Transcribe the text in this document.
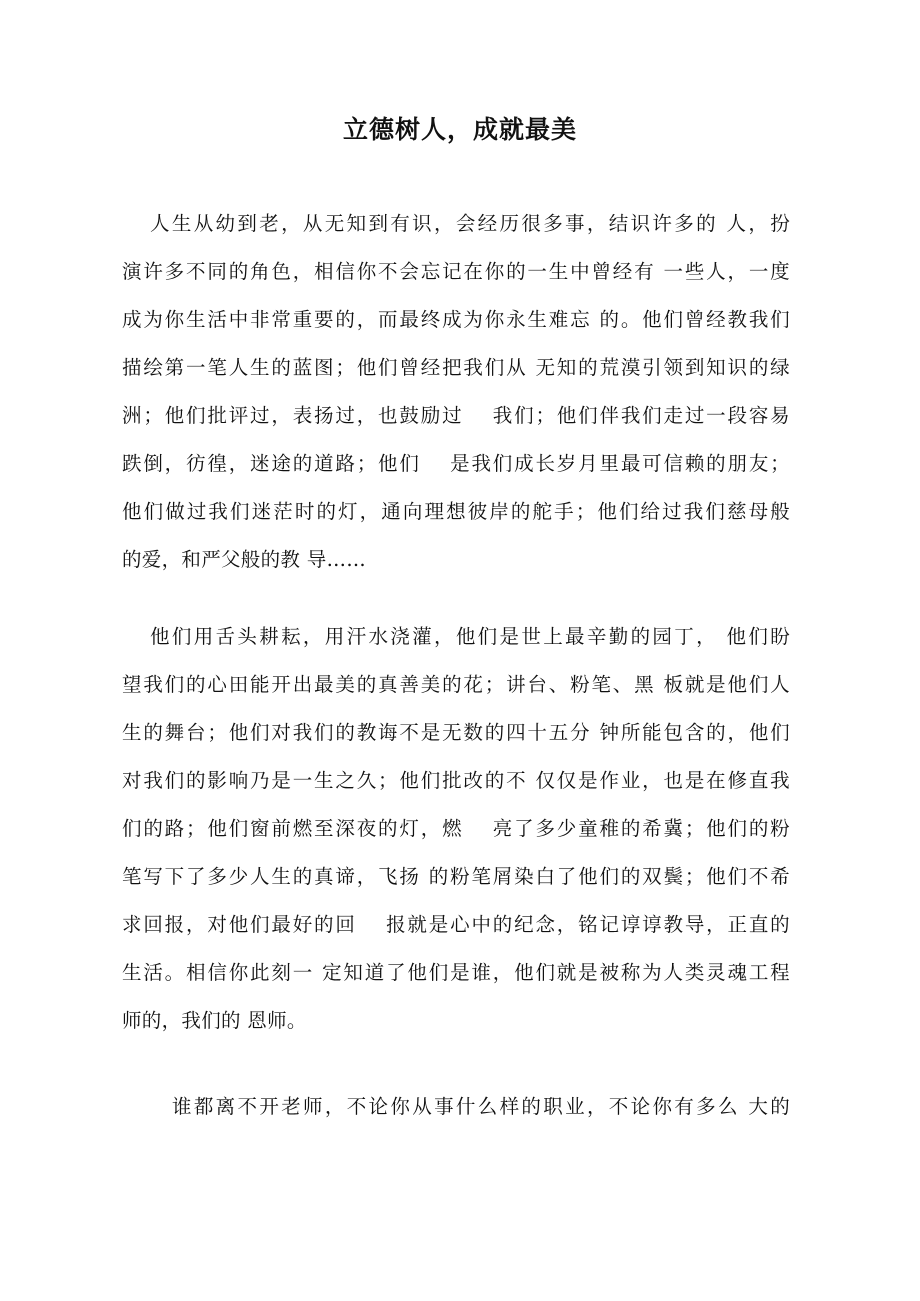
立德树人，成就最美
人生从幼到老，从无知到有识，会经历很多事，结识许多的 人，扮
演许多不同的角色，相信你不会忘记在你的一生中曾经有 一些人，一度
成为你生活中非常重要的，而最终成为你永生难忘 的。他们曾经教我们
描绘第一笔人生的蓝图；他们曾经把我们从 无知的荒漠引领到知识的绿
洲；他们批评过，表扬过，也鼓励过　 我们；他们伴我们走过一段容易
跌倒，彷徨，迷途的道路；他们　 是我们成长岁月里最可信赖的朋友；
他们做过我们迷茫时的灯，通向理想彼岸的舵手；他们给过我们慈母般
的爱，和严父般的教 导……
他们用舌头耕耘，用汗水浇灌，他们是世上最辛勤的园丁， 他们盼
望我们的心田能开出最美的真善美的花；讲台、粉笔、黑 板就是他们人
生的舞台；他们对我们的教诲不是无数的四十五分 钟所能包含的，他们
对我们的影响乃是一生之久；他们批改的不 仅仅是作业，也是在修直我
们的路；他们窗前燃至深夜的灯，燃　 亮了多少童稚的希冀；他们的粉
笔写下了多少人生的真谛，飞扬 的粉笔屑染白了他们的双鬓；他们不希
求回报，对他们最好的回　 报就是心中的纪念，铭记谆谆教导，正直的
生活。相信你此刻一 定知道了他们是谁，他们就是被称为人类灵魂工程
师的，我们的 恩师。
谁都离不开老师，不论你从事什么样的职业，不论你有多么 大的
